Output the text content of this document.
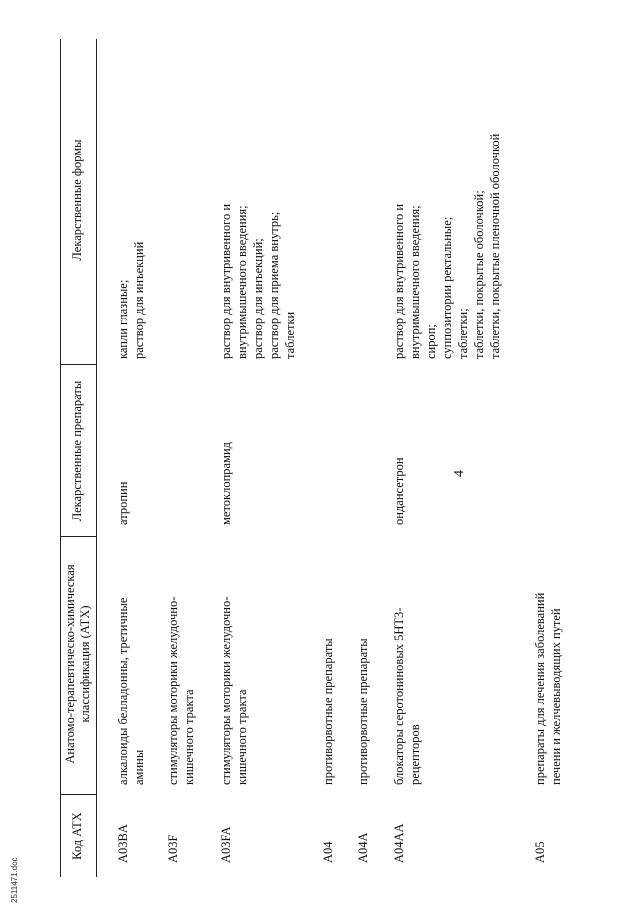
2511471.doc
4
Код АТХ
Анатомо-терапевтическо-химическая классификация (АТХ)
Лекарственные препараты
Лекарственные формы
A03BA
алкалоиды белладонны, третичные амины
атропин
капли глазные; раствор для инъекций
A03F
стимуляторы моторики желудочно- кишечного тракта
A03FA
стимуляторы моторики желудочно- кишечного тракта
метоклопрамид
раствор для внутривенного и внутримышечного введения; раствор для инъекций; раствор для приема внутрь; таблетки
A04
противорвотные препараты
A04A
противорвотные препараты
A04AA
блокаторы серотониновых 5HT3- рецепторов
ондансетрон
раствор для внутривенного и внутримышечного введения; сироп; суппозитории ректальные; таблетки; таблетки, покрытые оболочкой; таблетки, покрытые пленочной оболочкой
A05
препараты для лечения заболеваний печени и желчевыводящих путей
